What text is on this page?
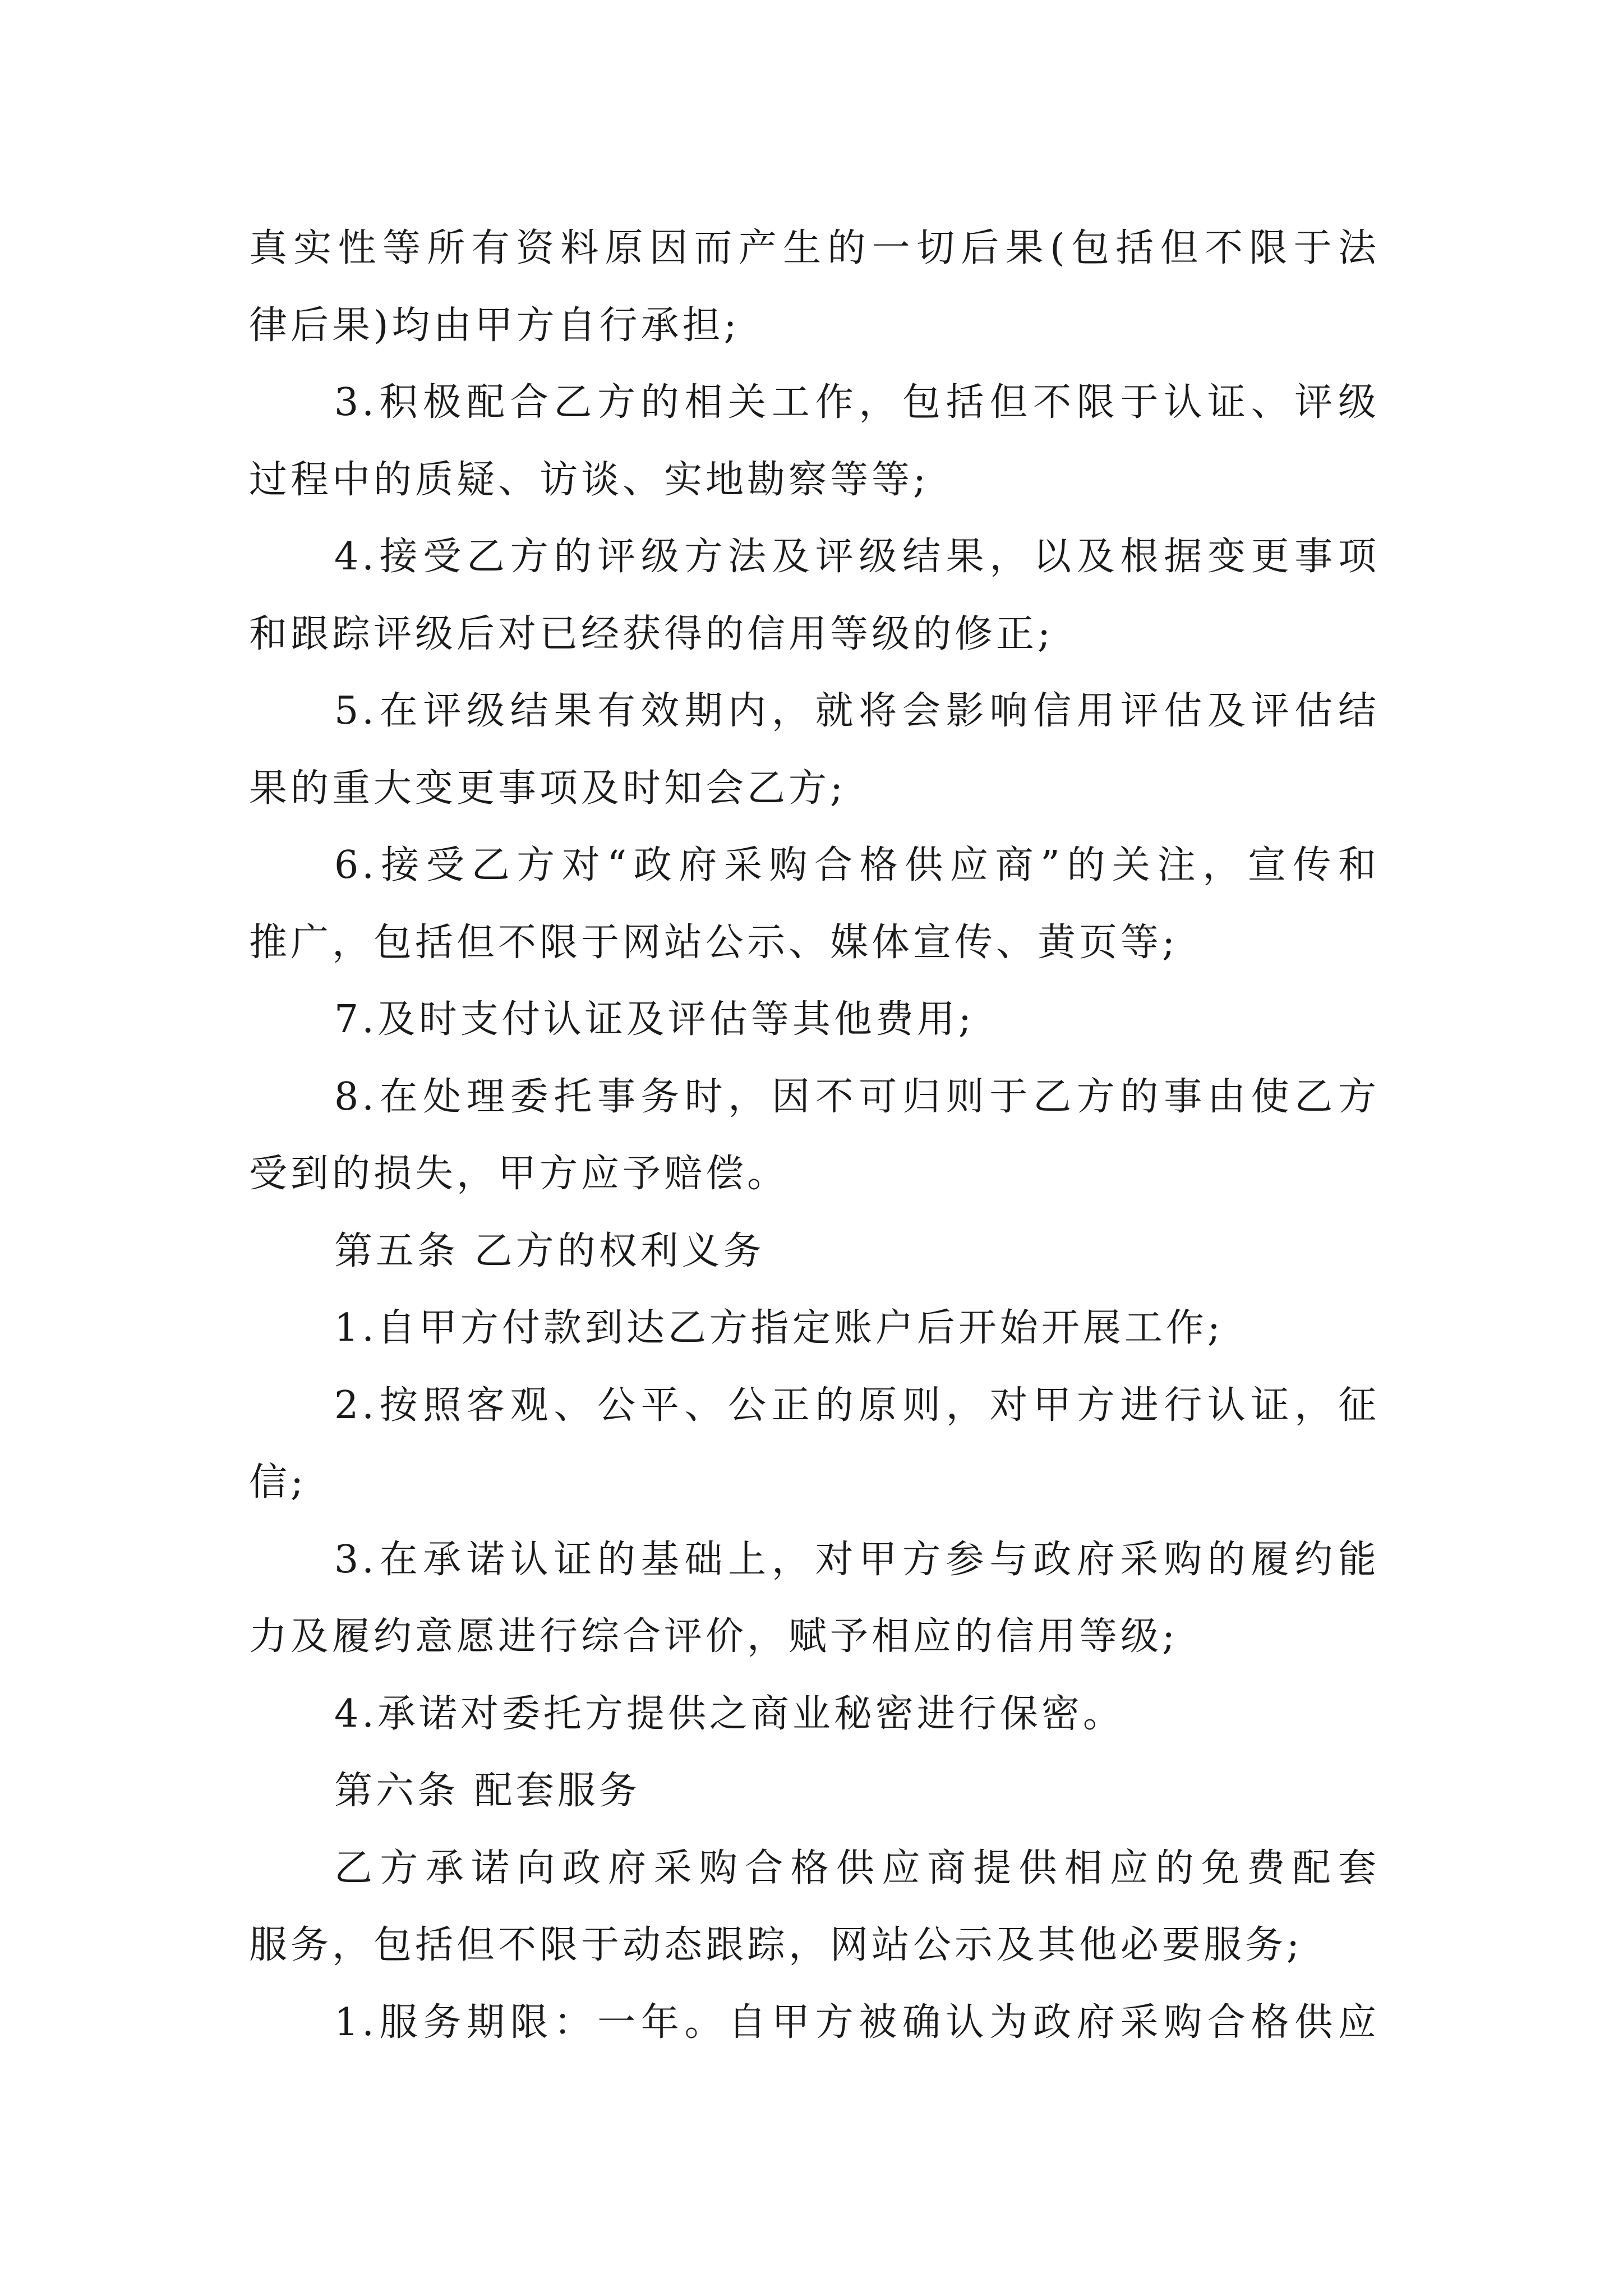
真实性等所有资料原因而产生的一切后果(包括但不限于法
律后果)均由甲方自行承担;
3.积极配合乙方的相关工作，包括但不限于认证、评级
过程中的质疑、访谈、实地勘察等等;
4.接受乙方的评级方法及评级结果，以及根据变更事项
和跟踪评级后对已经获得的信用等级的修正;
5.在评级结果有效期内，就将会影响信用评估及评估结
果的重大变更事项及时知会乙方;
6.接受乙方对“政府采购合格供应商”的关注，宣传和
推广，包括但不限于网站公示、媒体宣传、黄页等;
7.及时支付认证及评估等其他费用;
8.在处理委托事务时，因不可归则于乙方的事由使乙方
受到的损失，甲方应予赔偿。
第五条 乙方的权利义务
1.自甲方付款到达乙方指定账户后开始开展工作;
2.按照客观、公平、公正的原则，对甲方进行认证，征
信;
3.在承诺认证的基础上，对甲方参与政府采购的履约能
力及履约意愿进行综合评价，赋予相应的信用等级;
4.承诺对委托方提供之商业秘密进行保密。
第六条 配套服务
乙方承诺向政府采购合格供应商提供相应的免费配套
服务，包括但不限于动态跟踪，网站公示及其他必要服务;
1.服务期限：一年。自甲方被确认为政府采购合格供应
